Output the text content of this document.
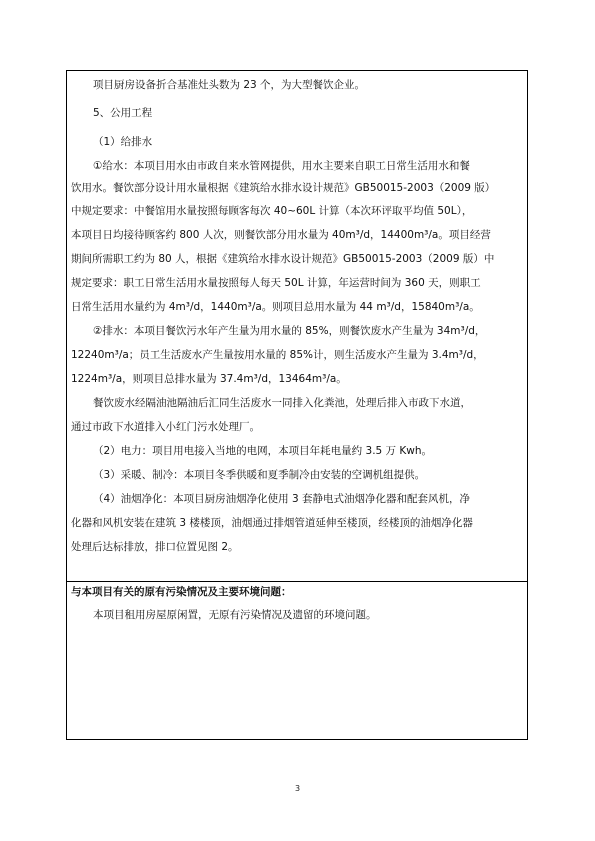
项目厨房设备折合基准灶头数为 23 个，为大型餐饮企业。
5、公用工程
（1）给排水
①给水：本项目用水由市政自来水管网提供，用水主要来自职工日常生活用水和餐
饮用水。餐饮部分设计用水量根据《建筑给水排水设计规范》GB50015-2003（2009 版）
中规定要求：中餐馆用水量按照每顾客每次 40~60L 计算（本次环评取平均值 50L），
本项目日均接待顾客约 800 人次，则餐饮部分用水量为 40m³/d，14400m³/a。项目经营
期间所需职工约为 80 人，根据《建筑给水排水设计规范》GB50015-2003（2009 版）中
规定要求：职工日常生活用水量按照每人每天 50L 计算，年运营时间为 360 天，则职工
日常生活用水量约为 4m³/d，1440m³/a。则项目总用水量为 44 m³/d，15840m³/a。
②排水：本项目餐饮污水年产生量为用水量的 85%，则餐饮废水产生量为 34m³/d，
12240m³/a；员工生活废水产生量按用水量的 85%计，则生活废水产生量为 3.4m³/d，
1224m³/a，则项目总排水量为 37.4m³/d，13464m³/a。
餐饮废水经隔油池隔油后汇同生活废水一同排入化粪池，处理后排入市政下水道，
通过市政下水道排入小红门污水处理厂。
（2）电力：项目用电接入当地的电网，本项目年耗电量约 3.5 万 Kwh。
（3）采暖、制冷：本项目冬季供暖和夏季制冷由安装的空调机组提供。
（4）油烟净化：本项目厨房油烟净化使用 3 套静电式油烟净化器和配套风机，净
化器和风机安装在建筑 3 楼楼顶，油烟通过排烟管道延伸至楼顶，经楼顶的油烟净化器
处理后达标排放，排口位置见图 2。
与本项目有关的原有污染情况及主要环境问题：
本项目租用房屋原闲置，无原有污染情况及遗留的环境问题。
3
